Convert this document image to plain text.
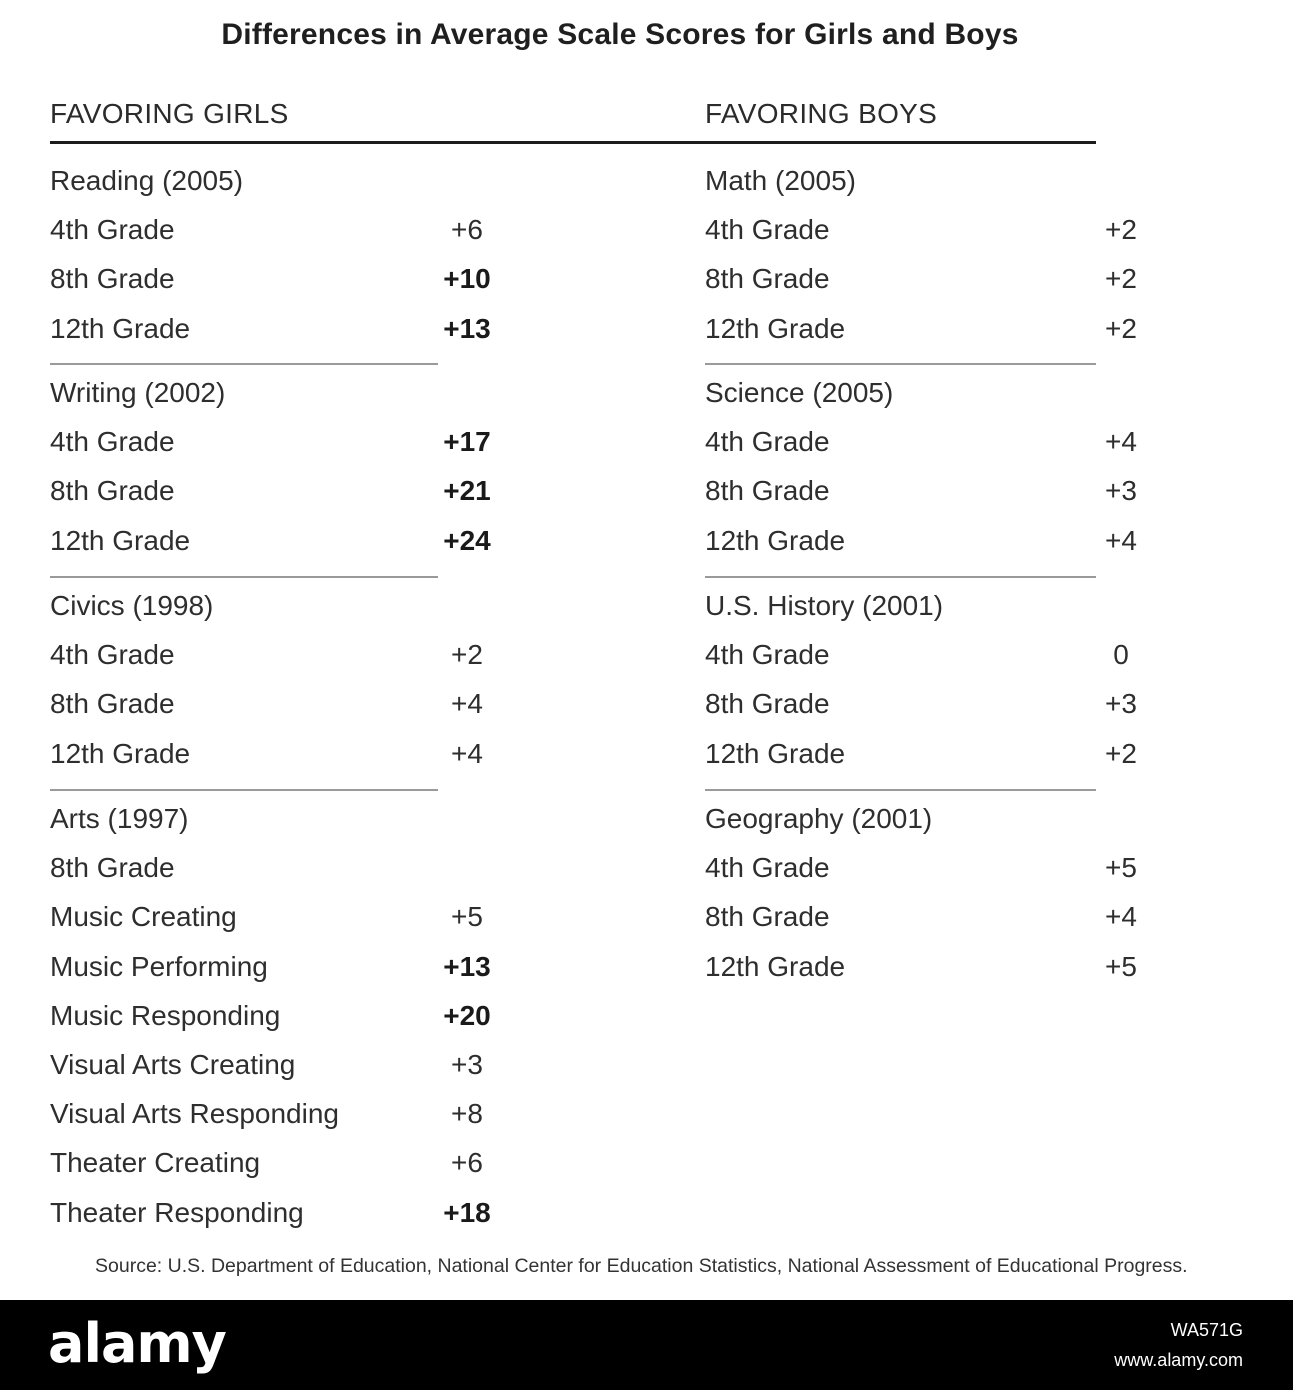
Differences in Average Scale Scores for Girls and Boys
FAVORING GIRLS	FAVORING BOYS
Reading (2005)
4th Grade	+6
8th Grade	+10
12th Grade	+13
Writing (2002)
4th Grade	+17
8th Grade	+21
12th Grade	+24
Civics (1998)
4th Grade	+2
8th Grade	+4
12th Grade	+4
Arts (1997)
8th Grade
Music Creating	+5
Music Performing	+13
Music Responding	+20
Visual Arts Creating	+3
Visual Arts Responding	+8
Theater Creating	+6
Theater Responding	+18
Math (2005)
4th Grade	+2
8th Grade	+2
12th Grade	+2
Science (2005)
4th Grade	+4
8th Grade	+3
12th Grade	+4
U.S. History (2001)
4th Grade	0
8th Grade	+3
12th Grade	+2
Geography (2001)
4th Grade	+5
8th Grade	+4
12th Grade	+5
Source: U.S. Department of Education, National Center for Education Statistics, National Assessment of Educational Progress.
alamy	WA571G
www.alamy.com
